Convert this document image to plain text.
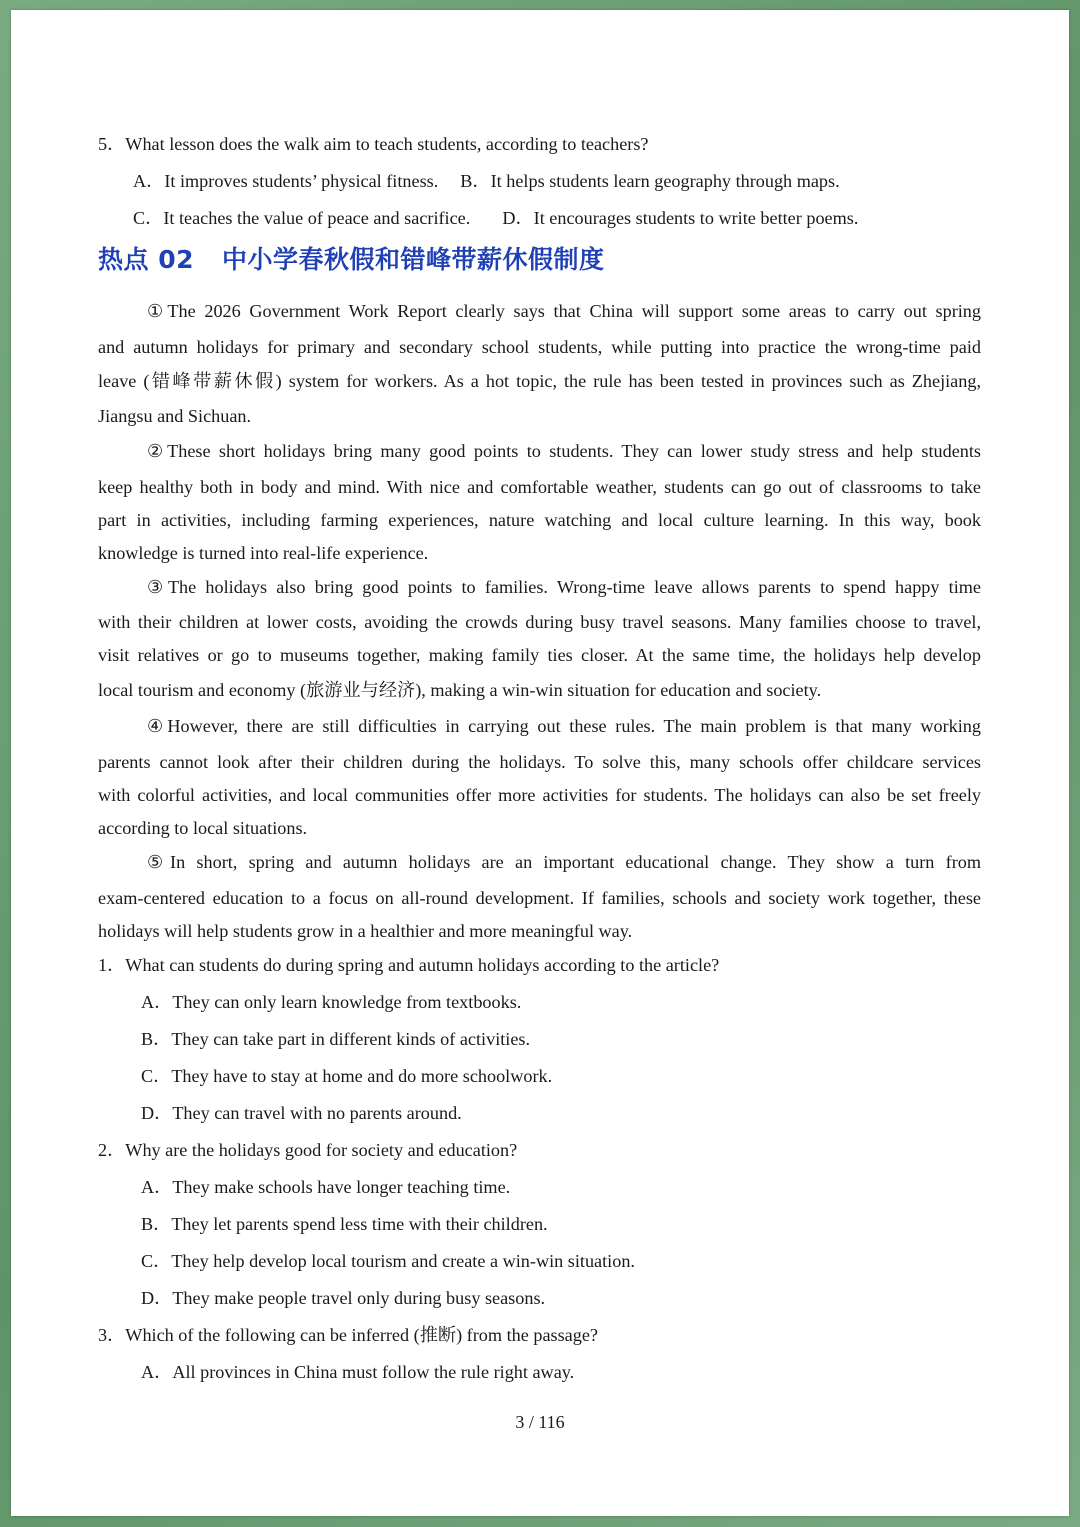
5．What lesson does the walk aim to teach students, according to teachers?
A．It improves students’ physical fitness. B．It helps students learn geography through maps.
C．It teaches the value of peace and sacrifice. D．It encourages students to write better poems.
热点 02 中小学春秋假和错峰带薪休假制度
①The 2026 Government Work Report clearly says that China will support some areas to carry out spring
and autumn holidays for primary and secondary school students, while putting into practice the wrong-time paid
leave (错峰带薪休假) system for workers. As a hot topic, the rule has been tested in provinces such as Zhejiang,
Jiangsu and Sichuan.
②These short holidays bring many good points to students. They can lower study stress and help students
keep healthy both in body and mind. With nice and comfortable weather, students can go out of classrooms to take
part in activities, including farming experiences, nature watching and local culture learning. In this way, book
knowledge is turned into real-life experience.
③The holidays also bring good points to families. Wrong-time leave allows parents to spend happy time
with their children at lower costs, avoiding the crowds during busy travel seasons. Many families choose to travel,
visit relatives or go to museums together, making family ties closer. At the same time, the holidays help develop
local tourism and economy (旅游业与经济), making a win-win situation for education and society.
④However, there are still difficulties in carrying out these rules. The main problem is that many working
parents cannot look after their children during the holidays. To solve this, many schools offer childcare services
with colorful activities, and local communities offer more activities for students. The holidays can also be set freely
according to local situations.
⑤In short, spring and autumn holidays are an important educational change. They show a turn from
exam-centered education to a focus on all-round development. If families, schools and society work together, these
holidays will help students grow in a healthier and more meaningful way.
1．What can students do during spring and autumn holidays according to the article?
A．They can only learn knowledge from textbooks.
B．They can take part in different kinds of activities.
C．They have to stay at home and do more schoolwork.
D．They can travel with no parents around.
2．Why are the holidays good for society and education?
A．They make schools have longer teaching time.
B．They let parents spend less time with their children.
C．They help develop local tourism and create a win-win situation.
D．They make people travel only during busy seasons.
3．Which of the following can be inferred (推断) from the passage?
A．All provinces in China must follow the rule right away.
3 / 116
